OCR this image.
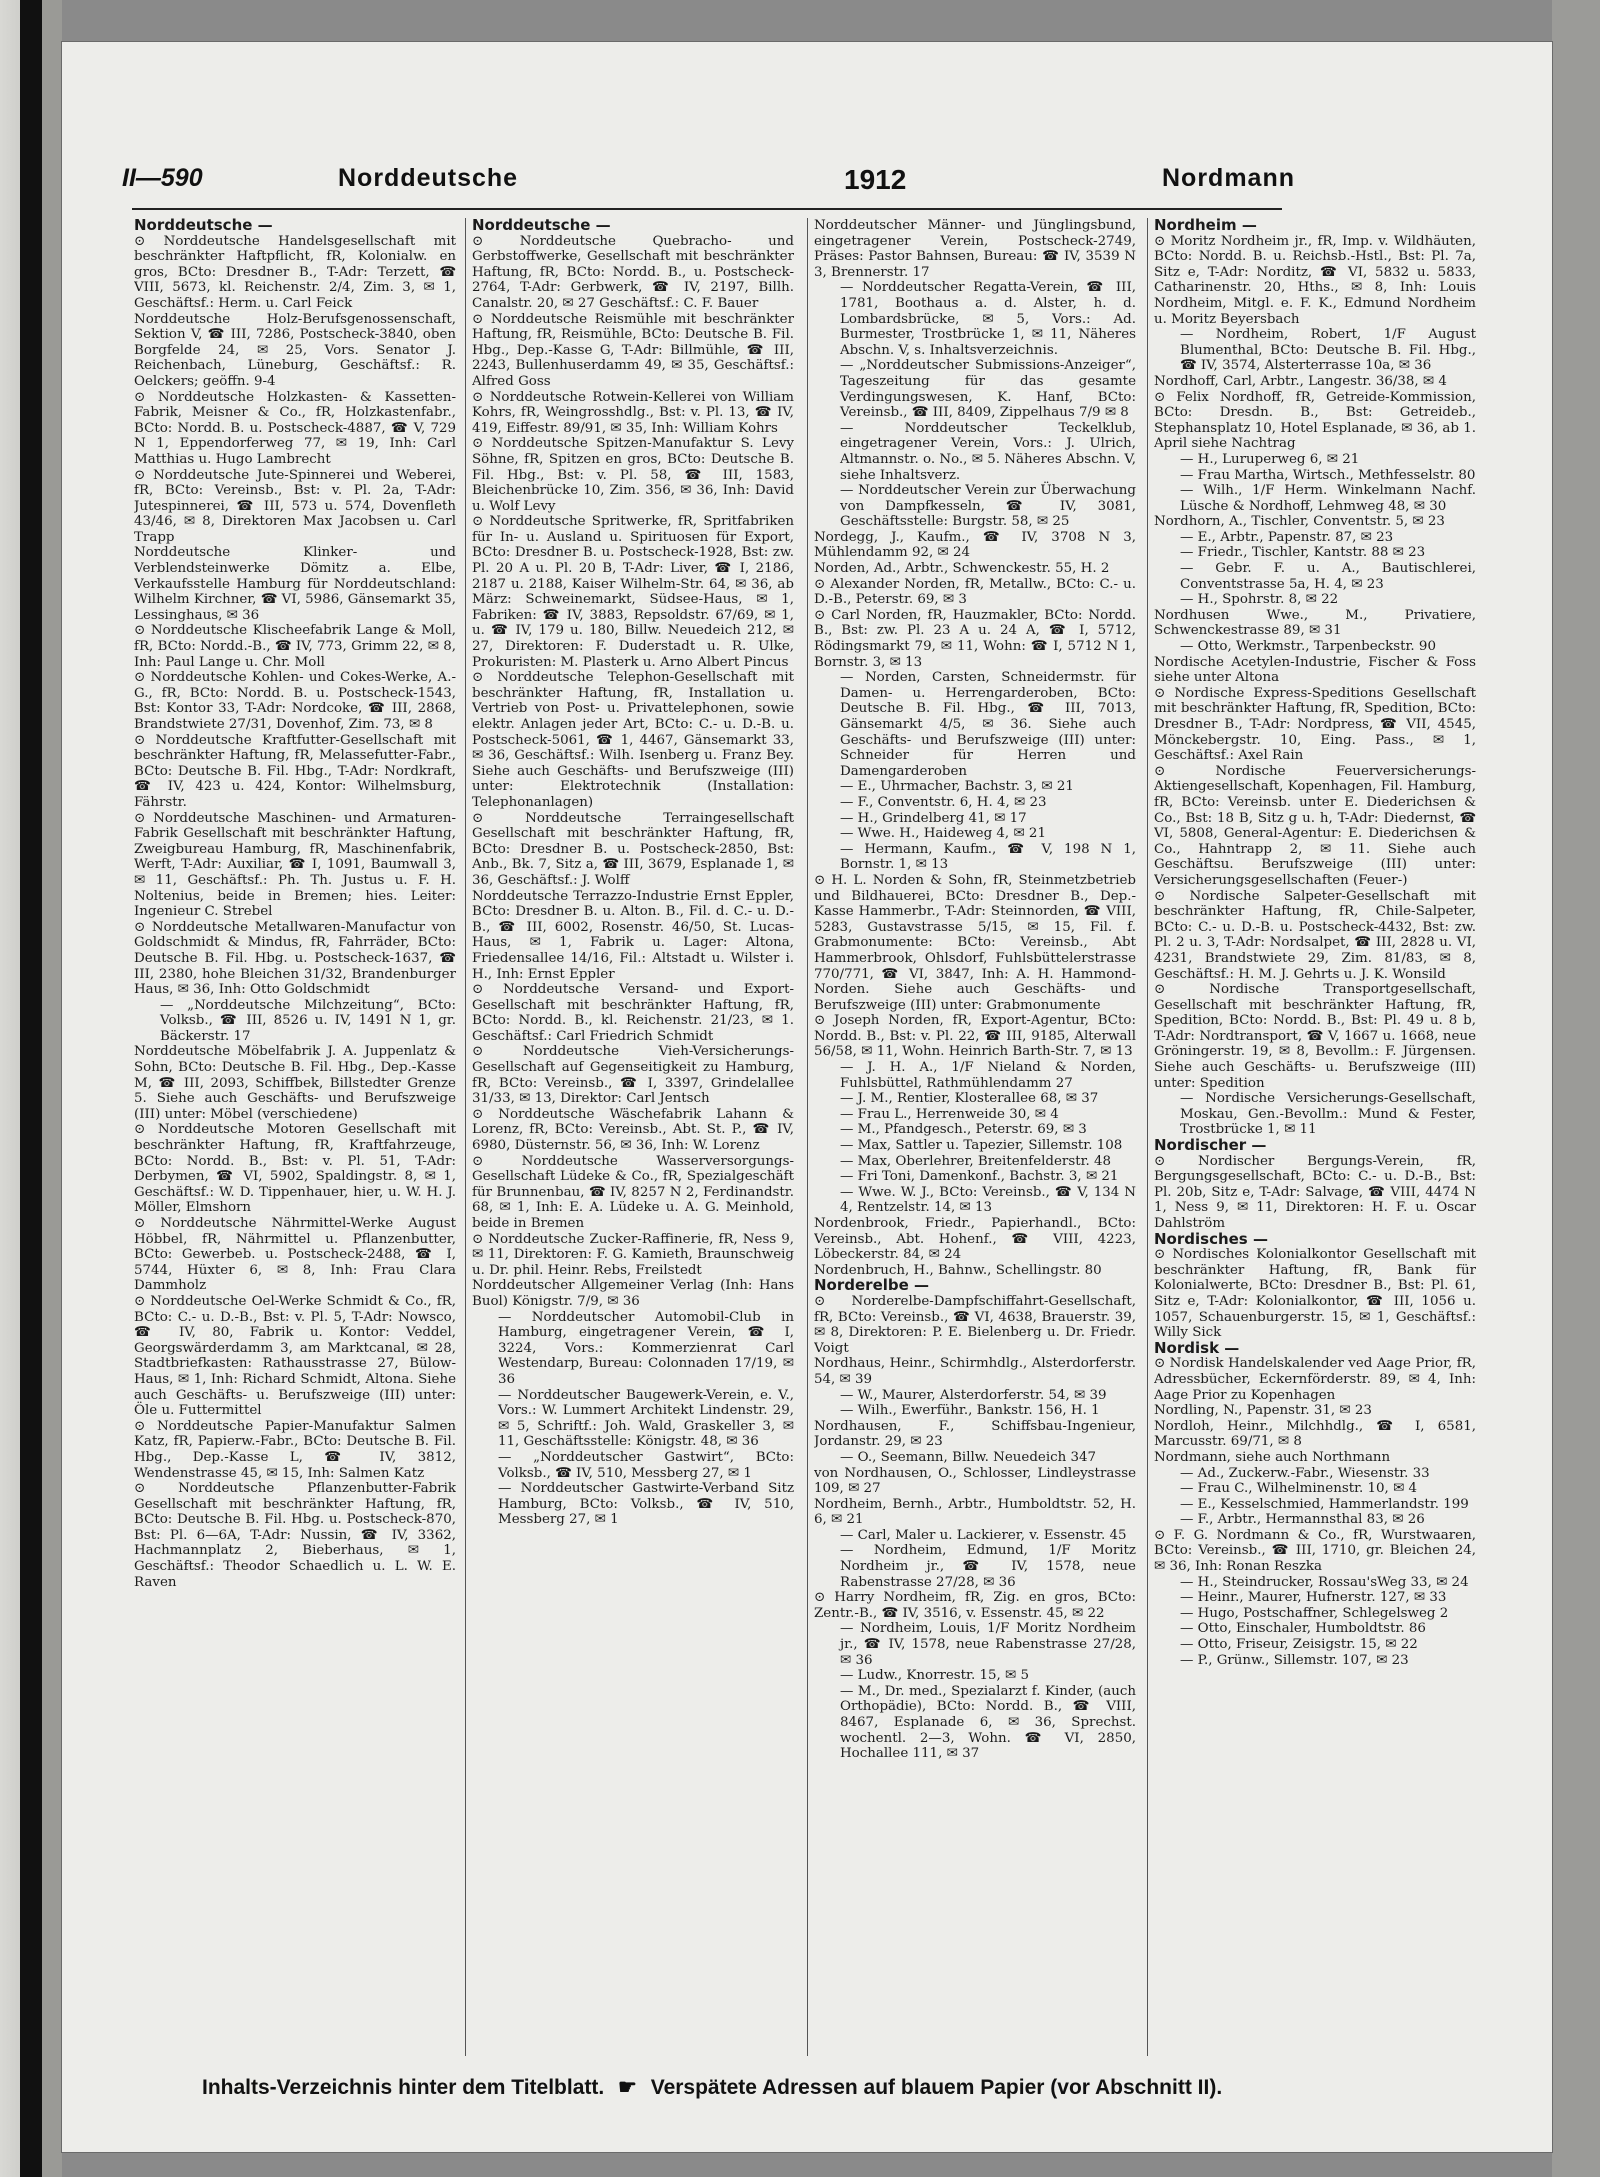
II—590	Norddeutsche	1912	Nordmann
Norddeutsche —
⊙ Norddeutsche Handelsgesellschaft mit beschränkter Haftpflicht, fR, Kolonialw. en gros, BCto: Dresdner B., T-Adr: Terzett, ☎ VIII, 5673, kl. Reichenstr. 2/4, Zim. 3, ✉ 1, Geschäftsf.: Herm. u. Carl Feick
Norddeutsche Holz-Berufsgenossenschaft, Sektion V, ☎ III, 7286, Postscheck-3840, oben Borgfelde 24, ✉ 25, Vors. Senator J. Reichenbach, Lüneburg, Geschäftsf.: R. Oelckers; geöffn. 9-4
⊙ Norddeutsche Holzkasten- & Kassetten-Fabrik, Meisner & Co., fR, Holzkastenfabr., BCto: Nordd. B. u. Postscheck-4887, ☎ V, 729 N 1, Eppendorferweg 77, ✉ 19, Inh: Carl Matthias u. Hugo Lambrecht
⊙ Norddeutsche Jute-Spinnerei und Weberei, fR, BCto: Vereinsb., Bst: v. Pl. 2a, T-Adr: Jutespinnerei, ☎ III, 573 u. 574, Dovenfleth 43/46, ✉ 8, Direktoren Max Jacobsen u. Carl Trapp
Norddeutsche Klinker- und Verblendsteinwerke Dömitz a. Elbe, Verkaufsstelle Hamburg für Norddeutschland: Wilhelm Kirchner, ☎ VI, 5986, Gänsemarkt 35, Lessinghaus, ✉ 36
⊙ Norddeutsche Klischeefabrik Lange & Moll, fR, BCto: Nordd.-B., ☎ IV, 773, Grimm 22, ✉ 8, Inh: Paul Lange u. Chr. Moll
⊙ Norddeutsche Kohlen- und Cokes-Werke, A.-G., fR, BCto: Nordd. B. u. Postscheck-1543, Bst: Kontor 33, T-Adr: Nordcoke, ☎ III, 2868, Brandstwiete 27/31, Dovenhof, Zim. 73, ✉ 8
⊙ Norddeutsche Kraftfutter-Gesellschaft mit beschränkter Haftung, fR, Melassefutter-Fabr., BCto: Deutsche B. Fil. Hbg., T-Adr: Nordkraft, ☎ IV, 423 u. 424, Kontor: Wilhelmsburg, Fährstr.
⊙ Norddeutsche Maschinen- und Armaturen-Fabrik Gesellschaft mit beschränkter Haftung, Zweigbureau Hamburg, fR, Maschinenfabrik, Werft, T-Adr: Auxiliar, ☎ I, 1091, Baumwall 3, ✉ 11, Geschäftsf.: Ph. Th. Justus u. F. H. Noltenius, beide in Bremen; hies. Leiter: Ingenieur C. Strebel
⊙ Norddeutsche Metallwaren-Manufactur von Goldschmidt & Mindus, fR, Fahrräder, BCto: Deutsche B. Fil. Hbg. u. Postscheck-1637, ☎ III, 2380, hohe Bleichen 31/32, Brandenburger Haus, ✉ 36, Inh: Otto Goldschmidt
— „Norddeutsche Milchzeitung“, BCto: Volksb., ☎ III, 8526 u. IV, 1491 N 1, gr. Bäckerstr. 17
Norddeutsche Möbelfabrik J. A. Juppenlatz & Sohn, BCto: Deutsche B. Fil. Hbg., Dep.-Kasse M, ☎ III, 2093, Schiffbek, Billstedter Grenze 5. Siehe auch Geschäfts- und Berufszweige (III) unter: Möbel (verschiedene)
⊙ Norddeutsche Motoren Gesellschaft mit beschränkter Haftung, fR, Kraftfahrzeuge, BCto: Nordd. B., Bst: v. Pl. 51, T-Adr: Derbymen, ☎ VI, 5902, Spaldingstr. 8, ✉ 1, Geschäftsf.: W. D. Tippenhauer, hier, u. W. H. J. Möller, Elmshorn
⊙ Norddeutsche Nährmittel-Werke August Höbbel, fR, Nährmittel u. Pflanzenbutter, BCto: Gewerbeb. u. Postscheck-2488, ☎ I, 5744, Hüxter 6, ✉ 8, Inh: Frau Clara Dammholz
⊙ Norddeutsche Oel-Werke Schmidt & Co., fR, BCto: C.- u. D.-B., Bst: v. Pl. 5, T-Adr: Nowsco, ☎ IV, 80, Fabrik u. Kontor: Veddel, Georgswärderdamm 3, am Marktcanal, ✉ 28, Stadtbriefkasten: Rathausstrasse 27, Bülow-Haus, ✉ 1, Inh: Richard Schmidt, Altona. Siehe auch Geschäfts- u. Berufszweige (III) unter: Öle u. Futtermittel
⊙ Norddeutsche Papier-Manufaktur Salmen Katz, fR, Papierw.-Fabr., BCto: Deutsche B. Fil. Hbg., Dep.-Kasse L, ☎ IV, 3812, Wendenstrasse 45, ✉ 15, Inh: Salmen Katz
⊙ Norddeutsche Pflanzenbutter-Fabrik Gesellschaft mit beschränkter Haftung, fR, BCto: Deutsche B. Fil. Hbg. u. Postscheck-870, Bst: Pl. 6—6A, T-Adr: Nussin, ☎ IV, 3362, Hachmannplatz 2, Bieberhaus, ✉ 1, Geschäftsf.: Theodor Schaedlich u. L. W. E. Raven
Norddeutsche —
⊙ Norddeutsche Quebracho- und Gerbstoffwerke, Gesellschaft mit beschränkter Haftung, fR, BCto: Nordd. B., u. Postscheck-2764, T-Adr: Gerbwerk, ☎ IV, 2197, Billh. Canalstr. 20, ✉ 27 Geschäftsf.: C. F. Bauer
⊙ Norddeutsche Reismühle mit beschränkter Haftung, fR, Reismühle, BCto: Deutsche B. Fil. Hbg., Dep.-Kasse G, T-Adr: Billmühle, ☎ III, 2243, Bullenhuserdamm 49, ✉ 35, Geschäftsf.: Alfred Goss
⊙ Norddeutsche Rotwein-Kellerei von William Kohrs, fR, Weingrosshdlg., Bst: v. Pl. 13, ☎ IV, 419, Eiffestr. 89/91, ✉ 35, Inh: William Kohrs
⊙ Norddeutsche Spitzen-Manufaktur S. Levy Söhne, fR, Spitzen en gros, BCto: Deutsche B. Fil. Hbg., Bst: v. Pl. 58, ☎ III, 1583, Bleichenbrücke 10, Zim. 356, ✉ 36, Inh: David u. Wolf Levy
⊙ Norddeutsche Spritwerke, fR, Spritfabriken für In- u. Ausland u. Spirituosen für Export, BCto: Dresdner B. u. Postscheck-1928, Bst: zw. Pl. 20 A u. Pl. 20 B, T-Adr: Liver, ☎ I, 2186, 2187 u. 2188, Kaiser Wilhelm-Str. 64, ✉ 36, ab März: Schweinemarkt, Südsee-Haus, ✉ 1, Fabriken: ☎ IV, 3883, Repsoldstr. 67/69, ✉ 1, u. ☎ IV, 179 u. 180, Billw. Neuedeich 212, ✉ 27, Direktoren: F. Duderstadt u. R. Ulke, Prokuristen: M. Plasterk u. Arno Albert Pincus
⊙ Norddeutsche Telephon-Gesellschaft mit beschränkter Haftung, fR, Installation u. Vertrieb von Post- u. Privattelephonen, sowie elektr. Anlagen jeder Art, BCto: C.- u. D.-B. u. Postscheck-5061, ☎ 1, 4467, Gänsemarkt 33, ✉ 36, Geschäftsf.: Wilh. Isenberg u. Franz Bey. Siehe auch Geschäfts- und Berufszweige (III) unter: Elektrotechnik (Installation: Telephonanlagen)
⊙ Norddeutsche Terraingesellschaft Gesellschaft mit beschränkter Haftung, fR, BCto: Dresdner B. u. Postscheck-2850, Bst: Anb., Bk. 7, Sitz a, ☎ III, 3679, Esplanade 1, ✉ 36, Geschäftsf.: J. Wolff
Norddeutsche Terrazzo-Industrie Ernst Eppler, BCto: Dresdner B. u. Alton. B., Fil. d. C.- u. D.-B., ☎ III, 6002, Rosenstr. 46/50, St. Lucas-Haus, ✉ 1, Fabrik u. Lager: Altona, Friedensallee 14/16, Fil.: Altstadt u. Wilster i. H., Inh: Ernst Eppler
⊙ Norddeutsche Versand- und Export-Gesellschaft mit beschränkter Haftung, fR, BCto: Nordd. B., kl. Reichenstr. 21/23, ✉ 1. Geschäftsf.: Carl Friedrich Schmidt
⊙ Norddeutsche Vieh-Versicherungs-Gesellschaft auf Gegenseitigkeit zu Hamburg, fR, BCto: Vereinsb., ☎ I, 3397, Grindelallee 31/33, ✉ 13, Direktor: Carl Jentsch
⊙ Norddeutsche Wäschefabrik Lahann & Lorenz, fR, BCto: Vereinsb., Abt. St. P., ☎ IV, 6980, Düsternstr. 56, ✉ 36, Inh: W. Lorenz
⊙ Norddeutsche Wasserversorgungs-Gesellschaft Lüdeke & Co., fR, Spezialgeschäft für Brunnenbau, ☎ IV, 8257 N 2, Ferdinandstr. 68, ✉ 1, Inh: E. A. Lüdeke u. A. G. Meinhold, beide in Bremen
⊙ Norddeutsche Zucker-Raffinerie, fR, Ness 9, ✉ 11, Direktoren: F. G. Kamieth, Braunschweig u. Dr. phil. Heinr. Rebs, Freilstedt
Norddeutscher Allgemeiner Verlag (Inh: Hans Buol) Königstr. 7/9, ✉ 36
— Norddeutscher Automobil-Club in Hamburg, eingetragener Verein, ☎ I, 3224, Vors.: Kommerzienrat Carl Westendarp, Bureau: Colonnaden 17/19, ✉ 36
— Norddeutscher Baugewerk-Verein, e. V., Vors.: W. Lummert Architekt Lindenstr. 29, ✉ 5, Schriftf.: Joh. Wald, Graskeller 3, ✉ 11, Geschäftsstelle: Königstr. 48, ✉ 36
— „Norddeutscher Gastwirt“, BCto: Volksb., ☎ IV, 510, Messberg 27, ✉ 1
— Norddeutscher Gastwirte-Verband Sitz Hamburg, BCto: Volksb., ☎ IV, 510, Messberg 27, ✉ 1
Norddeutscher Männer- und Jünglingsbund, eingetragener Verein, Postscheck-2749, Präses: Pastor Bahnsen, Bureau: ☎ IV, 3539 N 3, Brennerstr. 17
— Norddeutscher Regatta-Verein, ☎ III, 1781, Boothaus a. d. Alster, h. d. Lombardsbrücke, ✉ 5, Vors.: Ad. Burmester, Trostbrücke 1, ✉ 11, Näheres Abschn. V, s. Inhaltsverzeichnis.
— „Norddeutscher Submissions-Anzeiger“, Tageszeitung für das gesamte Verdingungswesen, K. Hanf, BCto: Vereinsb., ☎ III, 8409, Zippelhaus 7/9 ✉ 8
— Norddeutscher Teckelklub, eingetragener Verein, Vors.: J. Ulrich, Altmannstr. o. No., ✉ 5. Näheres Abschn. V, siehe Inhaltsverz.
— Norddeutscher Verein zur Überwachung von Dampfkesseln, ☎ IV, 3081, Geschäftsstelle: Burgstr. 58, ✉ 25
Nordegg, J., Kaufm., ☎ IV, 3708 N 3, Mühlendamm 92, ✉ 24
Norden, Ad., Arbtr., Schwenckestr. 55, H. 2
⊙ Alexander Norden, fR, Metallw., BCto: C.- u. D.-B., Peterstr. 69, ✉ 3
⊙ Carl Norden, fR, Hauzmakler, BCto: Nordd. B., Bst: zw. Pl. 23 A u. 24 A, ☎ I, 5712, Rödingsmarkt 79, ✉ 11, Wohn: ☎ I, 5712 N 1, Bornstr. 3, ✉ 13
— Norden, Carsten, Schneidermstr. für Damen- u. Herrengarderoben, BCto: Deutsche B. Fil. Hbg., ☎ III, 7013, Gänsemarkt 4/5, ✉ 36. Siehe auch Geschäfts- und Berufszweige (III) unter: Schneider für Herren und Damengarderoben
— E., Uhrmacher, Bachstr. 3, ✉ 21
— F., Conventstr. 6, H. 4, ✉ 23
— H., Grindelberg 41, ✉ 17
— Wwe. H., Haideweg 4, ✉ 21
— Hermann, Kaufm., ☎ V, 198 N 1, Bornstr. 1, ✉ 13
⊙ H. L. Norden & Sohn, fR, Steinmetzbetrieb und Bildhauerei, BCto: Dresdner B., Dep.-Kasse Hammerbr., T-Adr: Steinnorden, ☎ VIII, 5283, Gustavstrasse 5/15, ✉ 15, Fil. f. Grabmonumente: BCto: Vereinsb., Abt Hammerbrook, Ohlsdorf, Fuhlsbüttelerstrasse 770/771, ☎ VI, 3847, Inh: A. H. Hammond-Norden. Siehe auch Geschäfts- und Berufszweige (III) unter: Grabmonumente
⊙ Joseph Norden, fR, Export-Agentur, BCto: Nordd. B., Bst: v. Pl. 22, ☎ III, 9185, Alterwall 56/58, ✉ 11, Wohn. Heinrich Barth-Str. 7, ✉ 13
— J. H. A., 1/F Nieland & Norden, Fuhlsbüttel, Rathmühlendamm 27
— J. M., Rentier, Klosterallee 68, ✉ 37
— Frau L., Herrenweide 30, ✉ 4
— M., Pfandgesch., Peterstr. 69, ✉ 3
— Max, Sattler u. Tapezier, Sillemstr. 108
— Max, Oberlehrer, Breitenfelderstr. 48
— Fri Toni, Damenkonf., Bachstr. 3, ✉ 21
— Wwe. W. J., BCto: Vereinsb., ☎ V, 134 N 4, Rentzelstr. 14, ✉ 13
Nordenbrook, Friedr., Papierhandl., BCto: Vereinsb., Abt. Hohenf., ☎ VIII, 4223, Löbeckerstr. 84, ✉ 24
Nordenbruch, H., Bahnw., Schellingstr. 80
Norderelbe —
⊙ Norderelbe-Dampfschiffahrt-Gesellschaft, fR, BCto: Vereinsb., ☎ VI, 4638, Brauerstr. 39, ✉ 8, Direktoren: P. E. Bielenberg u. Dr. Friedr. Voigt
Nordhaus, Heinr., Schirmhdlg., Alsterdorferstr. 54, ✉ 39
— W., Maurer, Alsterdorferstr. 54, ✉ 39
— Wilh., Ewerführ., Bankstr. 156, H. 1
Nordhausen, F., Schiffsbau-Ingenieur, Jordanstr. 29, ✉ 23
— O., Seemann, Billw. Neuedeich 347
von Nordhausen, O., Schlosser, Lindleystrasse 109, ✉ 27
Nordheim, Bernh., Arbtr., Humboldtstr. 52, H. 6, ✉ 21
— Carl, Maler u. Lackierer, v. Essenstr. 45
— Nordheim, Edmund, 1/F Moritz Nordheim jr., ☎ IV, 1578, neue Rabenstrasse 27/28, ✉ 36
⊙ Harry Nordheim, fR, Zig. en gros, BCto: Zentr.-B., ☎ IV, 3516, v. Essenstr. 45, ✉ 22
— Nordheim, Louis, 1/F Moritz Nordheim jr., ☎ IV, 1578, neue Rabenstrasse 27/28, ✉ 36
— Ludw., Knorrestr. 15, ✉ 5
— M., Dr. med., Spezialarzt f. Kinder, (auch Orthopädie), BCto: Nordd. B., ☎ VIII, 8467, Esplanade 6, ✉ 36, Sprechst. wochentl. 2—3, Wohn. ☎ VI, 2850, Hochallee 111, ✉ 37
Nordheim —
⊙ Moritz Nordheim jr., fR, Imp. v. Wildhäuten, BCto: Nordd. B. u. Reichsb.-Hstl., Bst: Pl. 7a, Sitz e, T-Adr: Norditz, ☎ VI, 5832 u. 5833, Catharinenstr. 20, Hths., ✉ 8, Inh: Louis Nordheim, Mitgl. e. F. K., Edmund Nordheim u. Moritz Beyersbach
— Nordheim, Robert, 1/F August Blumenthal, BCto: Deutsche B. Fil. Hbg., ☎ IV, 3574, Alsterterrasse 10a, ✉ 36
Nordhoff, Carl, Arbtr., Langestr. 36/38, ✉ 4
⊙ Felix Nordhoff, fR, Getreide-Kommission, BCto: Dresdn. B., Bst: Getreideb., Stephansplatz 10, Hotel Esplanade, ✉ 36, ab 1. April siehe Nachtrag
— H., Luruperweg 6, ✉ 21
— Frau Martha, Wirtsch., Methfesselstr. 80
— Wilh., 1/F Herm. Winkelmann Nachf. Lüsche & Nordhoff, Lehmweg 48, ✉ 30
Nordhorn, A., Tischler, Conventstr. 5, ✉ 23
— E., Arbtr., Papenstr. 87, ✉ 23
— Friedr., Tischler, Kantstr. 88 ✉ 23
— Gebr. F. u. A., Bautischlerei, Conventstrasse 5a, H. 4, ✉ 23
— H., Spohrstr. 8, ✉ 22
Nordhusen Wwe., M., Privatiere, Schwenckestrasse 89, ✉ 31
— Otto, Werkmstr., Tarpenbeckstr. 90
Nordische Acetylen-Industrie, Fischer & Foss siehe unter Altona
⊙ Nordische Express-Speditions Gesellschaft mit beschränkter Haftung, fR, Spedition, BCto: Dresdner B., T-Adr: Nordpress, ☎ VII, 4545, Mönckebergstr. 10, Eing. Pass., ✉ 1, Geschäftsf.: Axel Rain
⊙ Nordische Feuerversicherungs-Aktiengesellschaft, Kopenhagen, Fil. Hamburg, fR, BCto: Vereinsb. unter E. Diederichsen & Co., Bst: 18 B, Sitz g u. h, T-Adr: Diedernst, ☎ VI, 5808, General-Agentur: E. Diederichsen & Co., Hahntrapp 2, ✉ 11. Siehe auch Geschäftsu. Berufszweige (III) unter: Versicherungsgesellschaften (Feuer-)
⊙ Nordische Salpeter-Gesellschaft mit beschränkter Haftung, fR, Chile-Salpeter, BCto: C.- u. D.-B. u. Postscheck-4432, Bst: zw. Pl. 2 u. 3, T-Adr: Nordsalpet, ☎ III, 2828 u. VI, 4231, Brandstwiete 29, Zim. 81/83, ✉ 8, Geschäftsf.: H. M. J. Gehrts u. J. K. Wonsild
⊙ Nordische Transportgesellschaft, Gesellschaft mit beschränkter Haftung, fR, Spedition, BCto: Nordd. B., Bst: Pl. 49 u. 8 b, T-Adr: Nordtransport, ☎ V, 1667 u. 1668, neue Gröningerstr. 19, ✉ 8, Bevollm.: F. Jürgensen. Siehe auch Geschäfts- u. Berufszweige (III) unter: Spedition
— Nordische Versicherungs-Gesellschaft, Moskau, Gen.-Bevollm.: Mund & Fester, Trostbrücke 1, ✉ 11
Nordischer —
⊙ Nordischer Bergungs-Verein, fR, Bergungsgesellschaft, BCto: C.- u. D.-B., Bst: Pl. 20b, Sitz e, T-Adr: Salvage, ☎ VIII, 4474 N 1, Ness 9, ✉ 11, Direktoren: H. F. u. Oscar Dahlström
Nordisches —
⊙ Nordisches Kolonialkontor Gesellschaft mit beschränkter Haftung, fR, Bank für Kolonialwerte, BCto: Dresdner B., Bst: Pl. 61, Sitz e, T-Adr: Kolonialkontor, ☎ III, 1056 u. 1057, Schauenburgerstr. 15, ✉ 1, Geschäftsf.: Willy Sick
Nordisk —
⊙ Nordisk Handelskalender ved Aage Prior, fR, Adressbücher, Eckernförderstr. 89, ✉ 4, Inh: Aage Prior zu Kopenhagen
Nordling, N., Papenstr. 31, ✉ 23
Nordloh, Heinr., Milchhdlg., ☎ I, 6581, Marcusstr. 69/71, ✉ 8
Nordmann, siehe auch Northmann
— Ad., Zuckerw.-Fabr., Wiesenstr. 33
— Frau C., Wilhelminenstr. 10, ✉ 4
— E., Kesselschmied, Hammerlandstr. 199
— F., Arbtr., Hermannsthal 83, ✉ 26
⊙ F. G. Nordmann & Co., fR, Wurstwaaren, BCto: Vereinsb., ☎ III, 1710, gr. Bleichen 24, ✉ 36, Inh: Ronan Reszka
— H., Steindrucker, Rossau'sWeg 33, ✉ 24
— Heinr., Maurer, Hufnerstr. 127, ✉ 33
— Hugo, Postschaffner, Schlegelsweg 2
— Otto, Einschaler, Humboldtstr. 86
— Otto, Friseur, Zeisigstr. 15, ✉ 22
— P., Grünw., Sillemstr. 107, ✉ 23
Inhalts-Verzeichnis hinter dem Titelblatt. ☛ Verspätete Adressen auf blauem Papier (vor Abschnitt II).
